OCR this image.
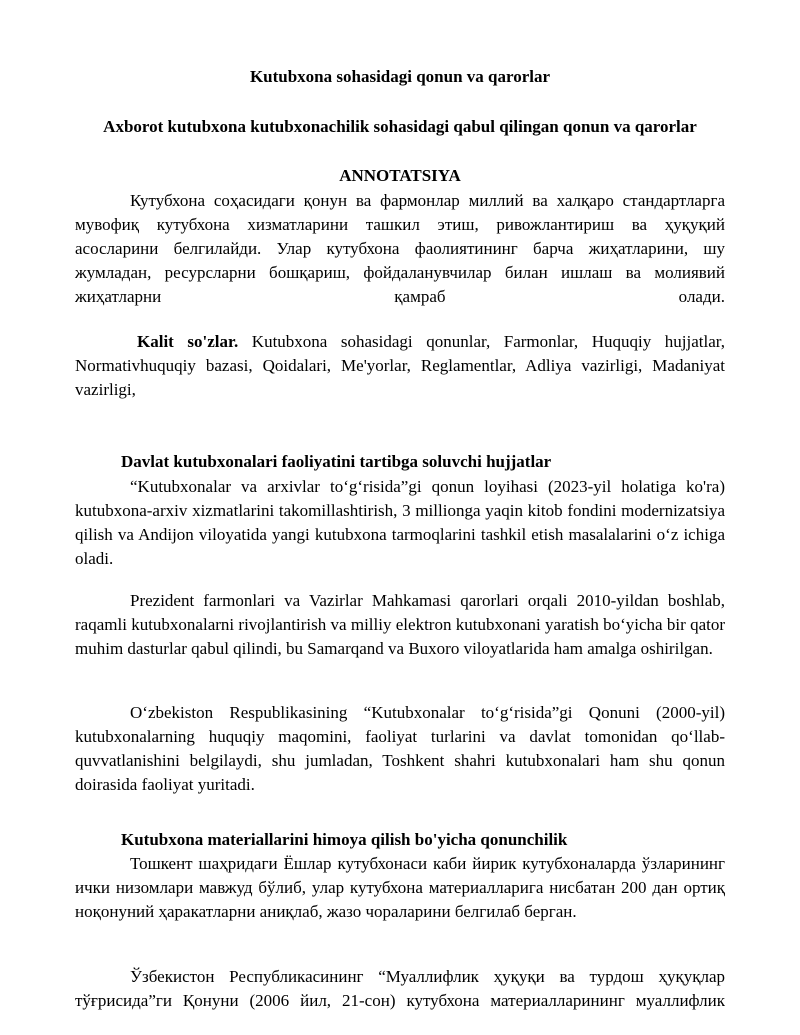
Kutubxona sohasidagi qonun va qarorlar
Axborot kutubxona kutubxonachilik sohasidagi qabul qilingan qonun va qarorlar
ANNOTATSIYA
Кутубхона соҳасидаги қонун ва фармонлар миллий ва халқаро стандартларга
мувофиқ кутубхона хизматларини ташкил этиш, ривожлантириш ва ҳуқуқий
асосларини белгилайди. Улар кутубхона фаолиятининг барча жиҳатларини, шу
жумладан, ресурсларни бошқариш, фойдаланувчилар билан ишлаш ва молиявий
жиҳатларни	қамраб	олади.
Kalit so'zlar. Kutubxona sohasidagi qonunlar, Farmonlar, Huquqiy hujjatlar, Normativhuquqiy bazasi, Qoidalari, Me'yorlar, Reglamentlar, Adliya vazirligi, Madaniyat vazirligi,
Davlat kutubxonalari faoliyatini tartibga soluvchi hujjatlar
“Kutubxonalar va arxivlar to‘g‘risida”gi qonun loyihasi (2023-yil holatiga ko'ra) kutubxona-arxiv xizmatlarini takomillashtirish, 3 millionga yaqin kitob fondini modernizatsiya qilish va Andijon viloyatida yangi kutubxona tarmoqlarini tashkil etish masalalarini o‘z ichiga oladi.
Prezident farmonlari va Vazirlar Mahkamasi qarorlari orqali 2010-yildan boshlab, raqamli kutubxonalarni rivojlantirish va milliy elektron kutubxonani yaratish bo‘yicha bir qator muhim dasturlar qabul qilindi, bu Samarqand va Buxoro viloyatlarida ham amalga oshirilgan.
O‘zbekiston Respublikasining “Kutubxonalar to‘g‘risida”gi Qonuni (2000-yil) kutubxonalarning huquqiy maqomini, faoliyat turlarini va davlat tomonidan qo‘llab-quvvatlanishini belgilaydi, shu jumladan, Toshkent shahri kutubxonalari ham shu qonun doirasida faoliyat yuritadi.
Kutubxona materiallarini himoya qilish bo'yicha qonunchilik
Тошкент шаҳридаги Ёшлар кутубхонаси каби йирик кутубхоналарда ўзларининг ички низомлари мавжуд бўлиб, улар кутубхона материалларига нисбатан 200 дан ортиқ ноқонуний ҳаракатларни аниқлаб, жазо чораларини белгилаб берган.
Ўзбекистон Республикасининг “Муаллифлик ҳуқуқи ва турдош ҳуқуқлар
тўғрисида”ги Қонуни (2006 йил, 21-сон) кутубхона материалларининг муаллифлик
